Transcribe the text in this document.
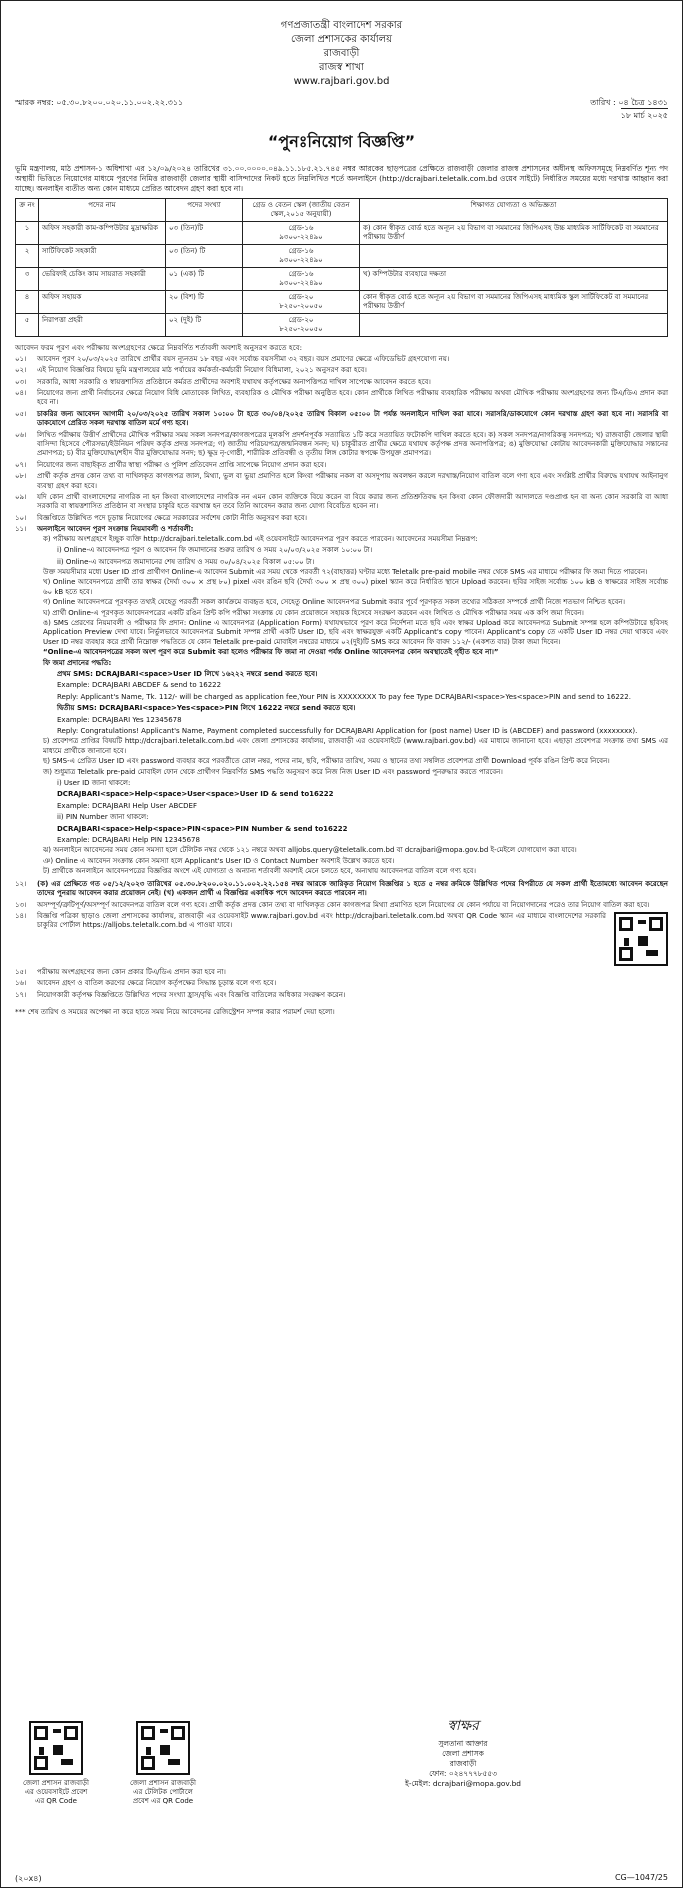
গণপ্রজাতন্ত্রী বাংলাদেশ সরকার
জেলা প্রশাসকের কার্যালয়
রাজবাড়ী
রাজস্ব শাখা
www.rajbari.gov.bd
স্মারক নম্বর: ০৫.৩০.৮২০০.০২০.১১.০০২.২২.৩১১	তারিখ : ০৪ চৈত্র ১৪৩১
১৮ মার্চ ২০২৫
“পুনঃনিয়োগ বিজ্ঞপ্তি”
ভূমি মন্ত্রণালয়, মাঠ প্রশাসন-১ অধিশাখা এর ১২/০৯/২০২৪ তারিখের ৩১.০০.০০০০.০৪৯.১১.১৮৫.২১.৭৪৫ নম্বর আরকের ছাড়পত্রের প্রেক্ষিতে রাজবাড়ী জেলার রাজস্ব প্রশাসনের অধীনস্থ অফিসসমূহে নিম্নবর্ণিত শূন্য পদ অস্থায়ী ভিত্তিতে নিয়োগের মাধ্যমে পূরণের নিমিত্ত রাজবাড়ী জেলার স্থায়ী বাসিন্দাদের নিকট হতে নিম্নলিখিত শর্তে অনলাইনে (http://dcrajbari.teletalk.com.bd ওয়েব সাইটে) নির্ধারিত সময়ের মধ্যে দরখাস্ত আহ্বান করা যাচ্ছে। অনলাইন ব্যতীত অন্য কোন মাধ্যমে প্রেরিত আবেদন গ্রহণ করা হবে না।
ক্র নং	পদের নাম	পদের সংখ্যা	গ্রেড ও বেতন স্কেল (জাতীয় বেতন স্কেল,২০১৫ অনুযায়ী)	শিক্ষাগত যোগ্যতা ও অভিজ্ঞতা
১	অফিস সহকারী কাম-কম্পিউটার মুদ্রাক্ষরিক	০৩ (তিন)টি	গ্রেড-১৬
৯৩০০-২২৪৯০	ক) কোন স্বীকৃত বোর্ড হতে অন্যূন ২য় বিভাগ বা সমমানের জিপিএসহ উচ্চ মাধ্যমিক সার্টিফিকেট বা সমমানের পরীক্ষায় উত্তীর্ণ
২	সার্টিফিকেট সহকারী	০৩ (তিন) টি	গ্রেড-১৬
৯৩০০-২২৪৯০	
৩	ভেরিফাই চেকিং কাম সায়রাত সহকারী	০১ (এক) টি	গ্রেড-১৬
৯৩০০-২২৪৯০	খ) কম্পিউটার ব্যবহারে দক্ষতা
৪	অফিস সহায়ক	২০ (বিশ) টি	গ্রেড-২০
৮২৫০-২০০৫০	কোন স্বীকৃত বোর্ড হতে অন্যূন ২য় বিভাগ বা সমমানের জিপিএসহ মাধ্যমিক স্কুল সার্টিফিকেট বা সমমানের পরীক্ষায় উত্তীর্ণ
৫	নিরাপত্তা প্রহরী	০২ (দুই) টি	গ্রেড-২০
৮২৫০-২০০৫০	
আবেদন ফরম পূরণ এবং পরীক্ষায় অংশগ্রহণের ক্ষেত্রে নিম্নবর্ণিত শর্তাবলী অবশ্যই অনুসরণ করতে হবে:
০১।	আবেদন পূরণ ২০/০৩/২০২৫ তারিখে প্রার্থীর বয়স ন্যূনতম ১৮ বছর এবং সর্বোচ্চ বয়সসীমা ৩২ বছর। বয়স প্রমাণের ক্ষেত্রে এফিডেভিট গ্রহণযোগ্য নয়।
০২।	এই নিয়োগ বিজ্ঞপ্তির বিষয়ে ভূমি মন্ত্রণালয়ের মাঠ পর্যায়ের কর্মকর্তা-কর্মচারী নিয়োগ বিধিমালা, ২০২১ অনুসরণ করা হবে।
০৩।	সরকারি, আধা সরকারি ও স্বায়ত্তশাসিত প্রতিষ্ঠানে কর্মরত প্রার্থীদের অবশ্যই যথাযথ কর্তৃপক্ষের অনাপত্তিপত্র দাখিল সাপেক্ষে আবেদন করতে হবে।
০৪।	নিয়োগের জন্য প্রার্থী নির্বাচনের ক্ষেত্রে নিয়োগ বিধি মোতাবেক লিখিত, ব্যবহারিক ও মৌখিক পরীক্ষা অনুষ্ঠিত হবে। কোন প্রার্থীকে লিখিত পরীক্ষায় ব্যবহারিক পরীক্ষায় অথবা মৌখিক পরীক্ষায় অংশগ্রহণের জন্য টিএ/ডিএ প্রদান করা হবে না।
০৫।	চাকরির জন্য আবেদন আগামী ২০/০৩/২০২৫ তারিখ সকাল ১০:০০ টা হতে ৩০/০৪/২০২৫ তারিখ বিকাল ০৫:০০ টা পর্যন্ত অনলাইনে দাখিল করা যাবে। সরাসরি/ডাকযোগে কোন দরখাস্ত গ্রহণ করা হবে না। সরাসরি বা ডাকযোগে প্রেরিত সকল দরখাস্ত বাতিল মর্মে গণ্য হবে।
০৬।	লিখিত পরীক্ষায় উত্তীর্ণ প্রার্থীদের মৌখিক পরীক্ষার সময় সকল সনদপত্র/কাগজপত্রের মূলকপি প্রদর্শনপূর্বক সত্যায়িত ১টি করে সত্যায়িত ফটোকপি দাখিল করতে হবে। ক) সকল সনদপত্র/নাগরিকত্ব সনদপত্র; খ) রাজবাড়ী জেলার স্থায়ী বাসিন্দা হিসেবে পৌরসভা/ইউনিয়ন পরিষদ কর্তৃক প্রদত্ত সনদপত্র; গ) জাতীয় পরিচয়পত্র/জন্মনিবন্ধন সনদ; ঘ) চাকুরীরত প্রার্থীর ক্ষেত্রে যথাযথ কর্তৃপক্ষ প্রদত্ত অনাপত্তিপত্র; ঙ) মুক্তিযোদ্ধা কোটায় আবেদনকারী মুক্তিযোদ্ধার সন্তানের প্রমাণপত্র; চ) বীর মুক্তিযোদ্ধা/শহীদ বীর মুক্তিযোদ্ধার সনদ; ছ) ক্ষুদ্র নৃ-গোষ্ঠী, শারীরিক প্রতিবন্ধী ও তৃতীয় লিঙ্গ কোটার স্বপক্ষে উপযুক্ত প্রমাণপত্র।
০৭।	নিয়োগের জন্য বাছাইকৃত প্রার্থীর স্বাস্থ্য পরীক্ষা ও পুলিশ প্রতিবেদন প্রাপ্তি সাপেক্ষে নিয়োগ প্রদান করা হবে।
০৮।	প্রার্থী কর্তৃক প্রদত্ত কোন তথ্য বা দাখিলকৃত কাগজপত্র জাল, মিথ্যা, ভুল বা ভুয়া প্রমাণিত হলে কিংবা পরীক্ষায় নকল বা অসদুপায় অবলম্বন করলে দরখাস্ত/নিয়োগ বাতিল বলে গণ্য হবে এবং সংশ্লিষ্ট প্রার্থীর বিরুদ্ধে যথাযথ আইনানুগ ব্যবস্থা গ্রহণ করা হবে।
০৯।	যদি কোন প্রার্থী বাংলাদেশের নাগরিক না হন কিংবা বাংলাদেশের নাগরিক নন এমন কোন ব্যক্তিকে বিয়ে করেন বা বিয়ে করার জন্য প্রতিশ্রুতিবদ্ধ হন কিংবা কোন ফৌজদারী আদালতে দণ্ডপ্রাপ্ত হন বা অন্য কোন সরকারি বা আধা সরকারি বা স্বায়ত্তশাসিত প্রতিষ্ঠান বা সংস্থার চাকুরি হতে বরখাস্ত হন তবে তিনি আবেদন করার জন্য যোগ্য বিবেচিত হবেন না।
১০।	বিজ্ঞপ্তিতে উল্লিখিত পদে চূড়ান্ত নিয়োগের ক্ষেত্রে সরকারের সর্বশেষ কোটা নীতি অনুসরণ করা হবে।
১১।	অনলাইনে আবেদন পূরণ সংক্রান্ত নিয়মাবলী ও শর্তাবলী:
ক) পরীক্ষায় অংশগ্রহণে ইচ্ছুক ব্যক্তি http://dcrajbari.teletalk.com.bd এই ওয়েবসাইটে আবেদনপত্র পূরণ করতে পারবেন। আবেদনের সময়সীমা নিম্নরূপ:
i) Online-এ আবেদনপত্র পূরণ ও আবেদন ফি জমাদানের শুরুর তারিখ ও সময় ২০/০৩/২০২৫ সকাল ১০:০০ টা।
ii) Online-এ আবেদনপত্র জমাদানের শেষ তারিখ ও সময় ৩০/০৪/২০২৫ বিকাল ০৫:০০ টা।
উক্ত সময়সীমার মধ্যে User ID প্রাপ্ত প্রার্থীগণ Online-এ আবেদন Submit এর সময় থেকে পরবর্তী ৭২(বাহাত্তর) ঘণ্টার মধ্যে Teletalk pre-paid mobile নম্বর থেকে SMS এর মাধ্যমে পরীক্ষার ফি জমা দিতে পারবেন।
খ) Online আবেদনপত্রে প্রার্থী তার স্বাক্ষর (দৈর্ঘ্য ৩০০ × প্রস্থ ৮০) pixel এবং রঙিন ছবি (দৈর্ঘ্য ৩০০ × প্রস্থ ৩০০) pixel স্ক্যান করে নির্ধারিত স্থানে Upload করবেন। ছবির সাইজ সর্বোচ্চ ১০০ kB ও স্বাক্ষরের সাইজ সর্বোচ্চ ৬০ kB হতে হবে।
গ) Online আবেদনপত্রে পূরণকৃত তথ্যই যেহেতু পরবর্তী সকল কার্যক্রমে ব্যবহৃত হবে, সেহেতু Online আবেদনপত্র Submit করার পূর্বে পূরণকৃত সকল তথ্যের সঠিকতা সম্পর্কে প্রার্থী নিজে শতভাগ নিশ্চিত হবেন।
ঘ) প্রার্থী Online-এ পূরণকৃত আবেদনপত্রের একটি রঙিন প্রিন্ট কপি পরীক্ষা সংক্রান্ত যে কোন প্রয়োজনে সহায়ক হিসেবে সংরক্ষণ করবেন এবং লিখিত ও মৌখিক পরীক্ষার সময় এক কপি জমা দিবেন।
ঙ) SMS প্রেরণের নিয়মাবলী ও পরীক্ষার ফি প্রদান: Online এ আবেদনপত্র (Application Form) যথাযথভাবে পূরণ করে নির্দেশনা মতে ছবি এবং স্বাক্ষর Upload করে আবেদনপত্র Submit সম্পন্ন হলে কম্পিউটারে ছবিসহ Application Preview দেখা যাবে। নির্ভুলভাবে আবেদনপত্র Submit সম্পন্ন প্রার্থী একটি User ID, ছবি এবং স্বাক্ষরযুক্ত একটি Applicant's copy পাবেন। Applicant's copy তে একটি User ID নম্বর দেয়া থাকবে এবং User ID নম্বর ব্যবহার করে প্রার্থী নিম্নোক্ত পদ্ধতিতে যে কোন Teletalk pre-paid মোবাইল নম্বরের মাধ্যমে ০২(দুই)টি SMS করে আবেদন ফি বাবদ ১১২/- (একশত বার) টাকা জমা দিবেন।
“Online-এ আবেদনপত্রের সকল অংশ পূরণ করে Submit করা হলেও পরীক্ষার ফি জমা না দেওয়া পর্যন্ত Online আবেদনপত্র কোন অবস্থাতেই গৃহীত হবে না।”
ফি জমা প্রদানের পদ্ধতি:
প্রথম SMS: DCRAJBARI<space>User ID লিখে ১৬২২২ নম্বরে send করতে হবে।
Example: DCRAJBARI ABCDEF & send to 16222
Reply: Applicant's Name, Tk. 112/- will be charged as application fee,Your PIN is XXXXXXXX To pay fee Type DCRAJBARI<space>Yes<space>PIN and send to 16222.
দ্বিতীয় SMS: DCRAJBARI<space>Yes<space>PIN লিখে 16222 নম্বরে send করতে হবে।
Example: DCRAJBARI Yes 12345678
Reply: Congratulations! Applicant's Name, Payment completed successfully for DCRAJBARI Application for (post name) User ID is (ABCDEF) and password (xxxxxxxx).
চ) প্রবেশপত্র প্রাপ্তির বিষয়টি http://dcrajbari.teletalk.com.bd এবং জেলা প্রশাসকের কার্যালয়, রাজবাড়ী এর ওয়েবসাইটে (www.rajbari.gov.bd) এর মাধ্যমে জানানো হবে। এছাড়া প্রবেশপত্র সংক্রান্ত তথ্য SMS এর মাধ্যমে প্রার্থীকে জানানো হবে।
ছ) SMS-এ প্রেরিত User ID এবং password ব্যবহার করে পরবর্তীতে রোল নম্বর, পদের নাম, ছবি, পরীক্ষার তারিখ, সময় ও স্থানের তথ্য সম্বলিত প্রবেশপত্র প্রার্থী Download পূর্বক রঙিন প্রিন্ট করে নিবেন।
জ) শুধুমাত্র Teletalk pre-paid মোবাইল ফোন থেকে প্রার্থীগণ নিম্নবর্ণিত SMS পদ্ধতি অনুসরণ করে নিজ নিজ User ID এবং password পুনরুদ্ধার করতে পারবেন।
i) User ID জানা থাকলে:
DCRAJBARI<space>Help<space>User<space>User ID & send to16222
Example: DCRAJBARI Help User ABCDEF
ii) PIN Number জানা থাকলে:
DCRAJBARI<space>Help<space>PIN<space>PIN Number & send to16222
Example: DCRAJBARI Help PIN 12345678
ঝ) অনলাইনে আবেদনের সময় কোন সমস্যা হলে টেলিটক নম্বর থেকে ১২১ নম্বরে অথবা alljobs.query@teletalk.com.bd বা dcrajbari@mopa.gov.bd ই-মেইলে যোগাযোগ করা যাবে।
ঞ) Online এ আবেদন সংক্রান্ত কোন সমস্যা হলে Applicant's User ID ও Contact Number অবশ্যই উল্লেখ করতে হবে।
ট) প্রার্থীকে অনলাইনে আবেদনপত্রের বিজ্ঞপ্তির অংশে এই যোগ্যতা ও অন্যান্য শর্তাবলী অবশ্যই মেনে চলতে হবে, অন্যথায় আবেদনপত্র বাতিল বলে গণ্য হবে।
১২।	(ক) এর প্রেক্ষিতে গত ০৫/১২/২০২৩ তারিখের ০৫.৩০.৮২০০.০২০.১১.০০২.২২.১৫৪ নম্বর আরকে জারিকৃত নিয়োগ বিজ্ঞপ্তির ১ হতে ৫ নম্বর ক্রমিকে উল্লিখিত পদের বিপরীতে যে সকল প্রার্থী ইতোমধ্যে আবেদন করেছেন তাদের পুনরায় আবেদন করার প্রয়োজন নেই। (খ) একজন প্রার্থী এ বিজ্ঞপ্তির একাধিক পদে আবেদন করতে পারবেন না।
১৩।	অসম্পূর্ণ/ত্রুটিপূর্ণ/অসম্পূর্ণ আবেদনপত্র বাতিল বলে গণ্য হবে। প্রার্থী কর্তৃক প্রদত্ত কোন তথ্য বা দাখিলকৃত কোন কাগজপত্র মিথ্যা প্রমাণিত হলে নিয়োগের যে কোন পর্যায়ে বা নিয়োগদানের পরেও তার নিয়োগ বাতিল করা হবে।
১৪।	বিজ্ঞপ্তি পত্রিকা ছাড়াও জেলা প্রশাসকের কার্যালয়, রাজবাড়ী এর ওয়েবসাইট www.rajbari.gov.bd এবং http://dcrajbari.teletalk.com.bd অথবা QR Code স্ক্যান এর মাধ্যমে বাংলাদেশের সরকারি চাকুরির পোর্টাল https://alljobs.teletalk.com.bd এ পাওয়া যাবে।
১৫।	পরীক্ষায় অংশগ্রহণের জন্য কোন প্রকার টিএ/ডিএ প্রদান করা হবে না।
১৬।	আবেদন গ্রহণ ও বাতিল করণের ক্ষেত্রে নিয়োগ কর্তৃপক্ষের সিদ্ধান্ত চূড়ান্ত বলে গণ্য হবে।
১৭।	নিয়োগকারী কর্তৃপক্ষ বিজ্ঞপ্তিতে উল্লিখিত পদের সংখ্যা হ্রাস/বৃদ্ধি এবং বিজ্ঞপ্তি বাতিলের অধিকার সংরক্ষণ করেন।
*** শেষ তারিখ ও সময়ের অপেক্ষা না করে হাতে সময় নিয়ে আবেদনের রেজিস্ট্রেশন সম্পন্ন করার পরামর্শ দেয়া হলো।
জেলা প্রশাসন রাজবাড়ী এর ওয়েবসাইটে প্রবেশ এর QR Code
জেলা প্রশাসন রাজবাড়ী এর টেলিটক পোর্টালে প্রবেশ এর QR Code
স্বাক্ষর
সুলতানা আক্তার
জেলা প্রশাসক
রাজবাড়ী
ফোন: ০২৪৭৭৭৮৫৫৩
ই-মেইল: dcrajbari@mopa.gov.bd
(২০x৪)	CG—1047/25
